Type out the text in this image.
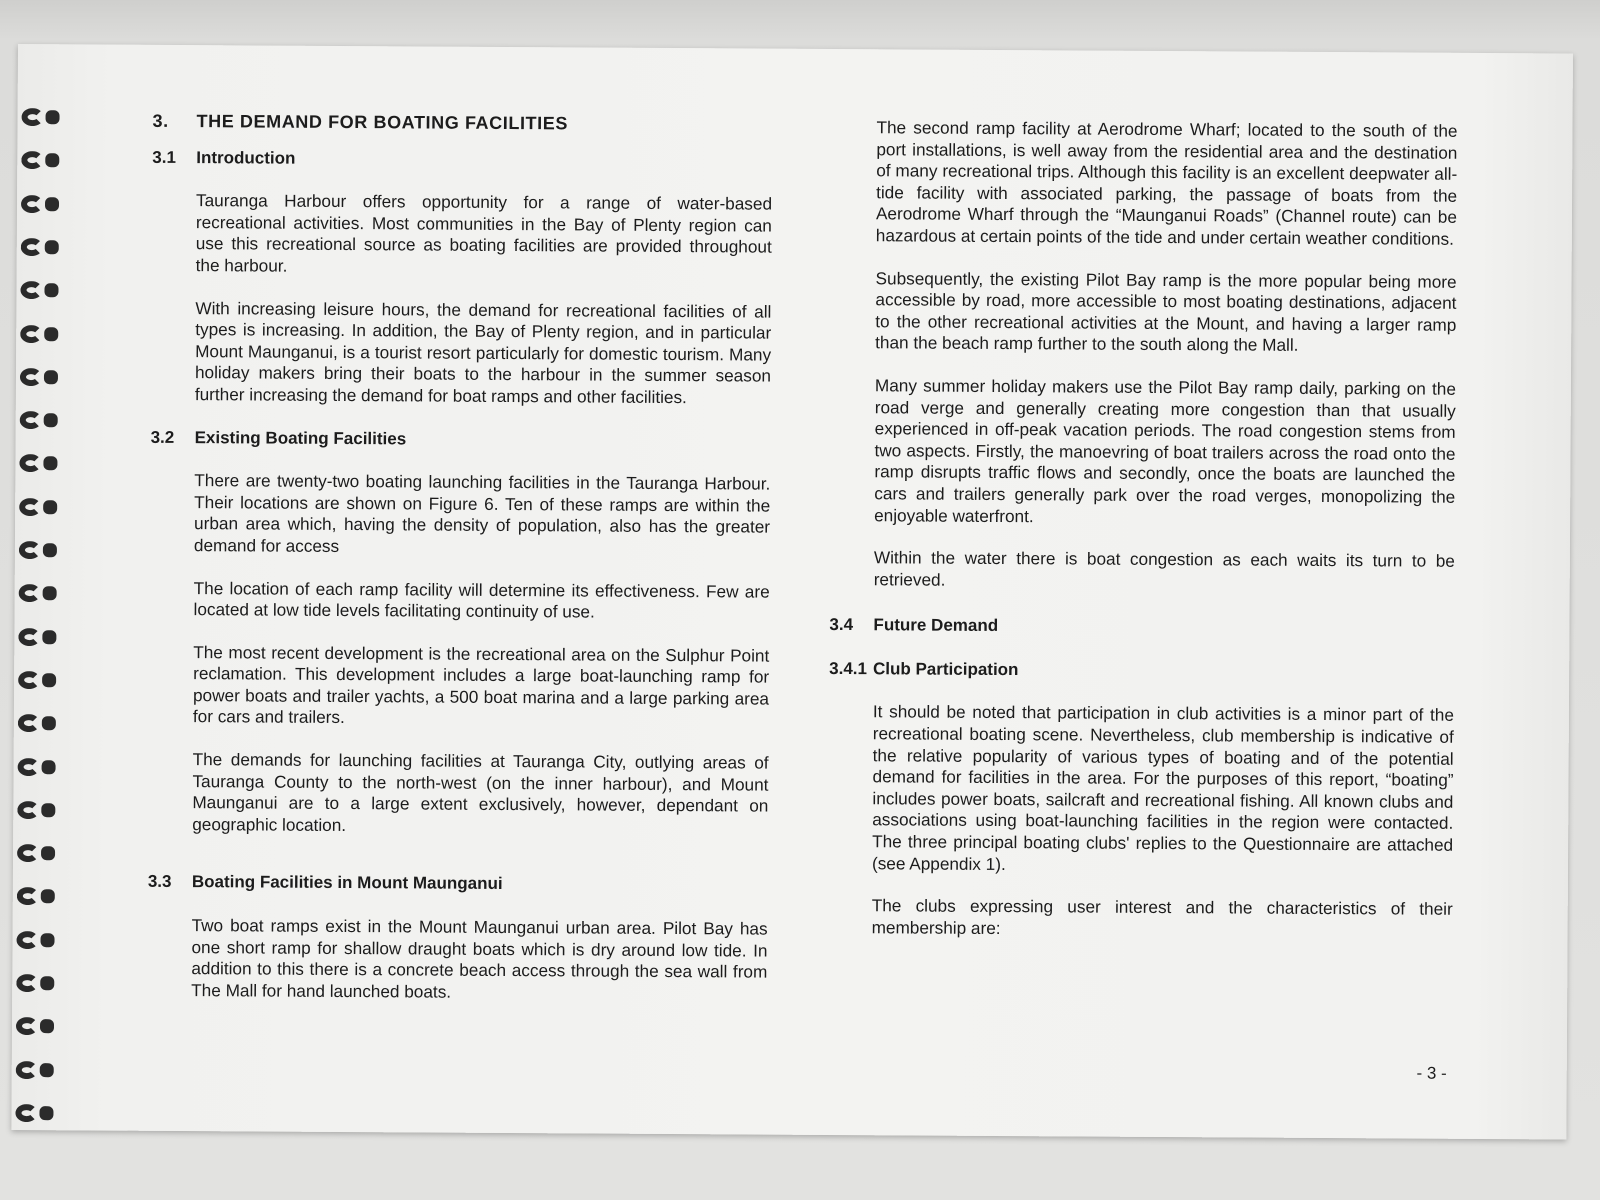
3.	THE DEMAND FOR BOATING FACILITIES
3.1	Introduction

Tauranga Harbour offers opportunity for a range of water-based recreational activities. Most communities in the Bay of Plenty region can use this recreational source as boating facilities are provided throughout the harbour.

With increasing leisure hours, the demand for recreational facilities of all types is increasing. In addition, the Bay of Plenty region, and in particular Mount Maunganui, is a tourist resort particularly for domestic tourism. Many holiday makers bring their boats to the harbour in the summer season further increasing the demand for boat ramps and other facilities.

3.2	Existing Boating Facilities

There are twenty-two boating launching facilities in the Tauranga Harbour. Their locations are shown on Figure 6. Ten of these ramps are within the urban area which, having the density of population, also has the greater demand for access

The location of each ramp facility will determine its effectiveness. Few are located at low tide levels facilitating continuity of use.

The most recent development is the recreational area on the Sulphur Point reclamation. This development includes a large boat-launching ramp for power boats and trailer yachts, a 500 boat marina and a large parking area for cars and trailers.

The demands for launching facilities at Tauranga City, outlying areas of Tauranga County to the north-west (on the inner harbour), and Mount Maunganui are to a large extent exclusively, however, dependant on geographic location.

3.3	Boating Facilities in Mount Maunganui

Two boat ramps exist in the Mount Maunganui urban area. Pilot Bay has one short ramp for shallow draught boats which is dry around low tide. In addition to this there is a concrete beach access through the sea wall from The Mall for hand launched boats.

The second ramp facility at Aerodrome Wharf; located to the south of the port installations, is well away from the residential area and the destination of many recreational trips. Although this facility is an excellent deepwater all-tide facility with associated parking, the passage of boats from the Aerodrome Wharf through the “Maunganui Roads” (Channel route) can be hazardous at certain points of the tide and under certain weather conditions.

Subsequently, the existing Pilot Bay ramp is the more popular being more accessible by road, more accessible to most boating destinations, adjacent to the other recreational activities at the Mount, and having a larger ramp than the beach ramp further to the south along the Mall.

Many summer holiday makers use the Pilot Bay ramp daily, parking on the road verge and generally creating more congestion than that usually experienced in off-peak vacation periods. The road congestion stems from two aspects. Firstly, the manoevring of boat trailers across the road onto the ramp disrupts traffic flows and secondly, once the boats are launched the cars and trailers generally park over the road verges, monopolizing the enjoyable waterfront.

Within the water there is boat congestion as each waits its turn to be retrieved.

3.4	Future Demand
3.4.1 Club Participation

It should be noted that participation in club activities is a minor part of the recreational boating scene. Nevertheless, club membership is indicative of the relative popularity of various types of boating and of the potential demand for facilities in the area. For the purposes of this report, “boating” includes power boats, sailcraft and recreational fishing. All known clubs and associations using boat-launching facilities in the region were contacted. The three principal boating clubs' replies to the Questionnaire are attached (see Appendix 1).

The clubs expressing user interest and the characteristics of their membership are:

- 3 -
